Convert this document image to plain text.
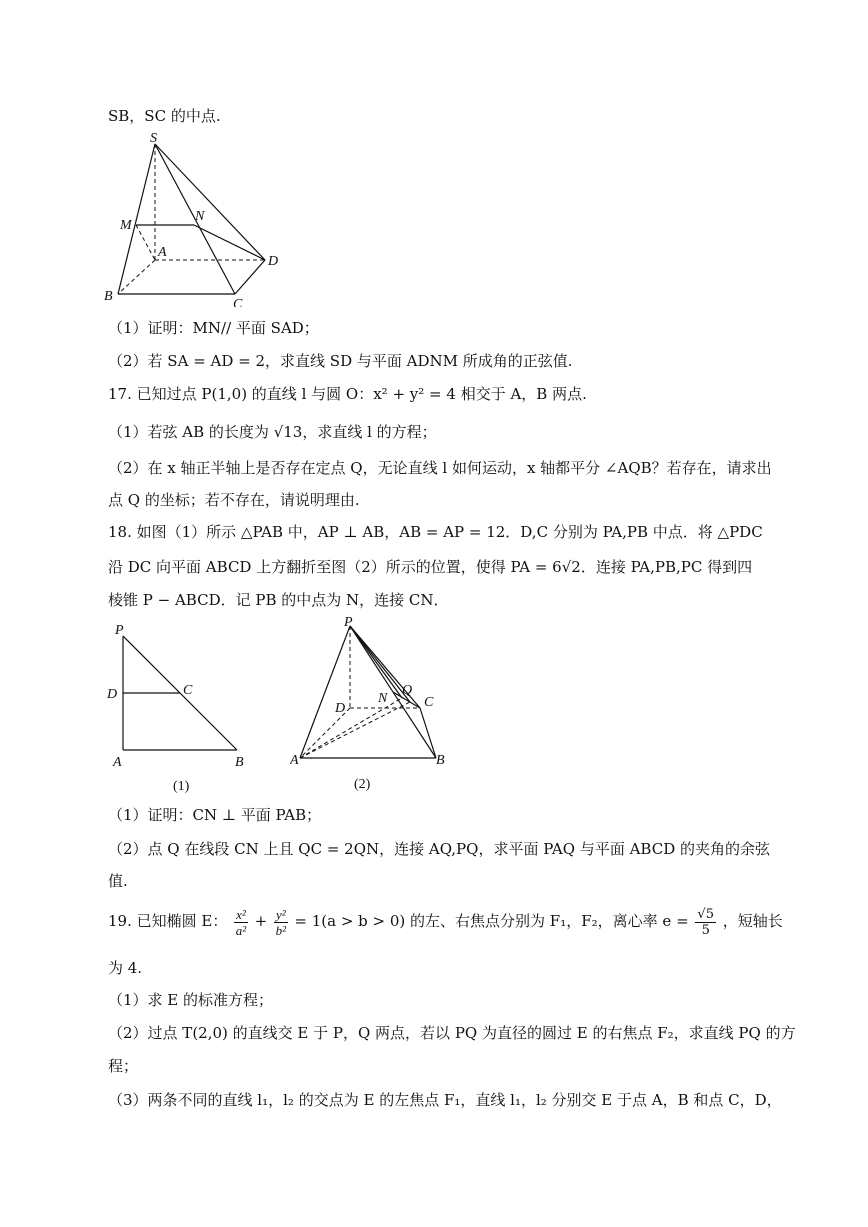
SB，SC 的中点.
S
M
N
A
B
C
D
（1）证明：MN// 平面 SAD；
（2）若 SA = AD = 2，求直线 SD 与平面 ADNM 所成角的正弦值.
17. 已知过点 P(1,0) 的直线 l 与圆 O：x² + y² = 4 相交于 A，B 两点.
（1）若弦 AB 的长度为 √13，求直线 l 的方程；
（2）在 x 轴正半轴上是否存在定点 Q，无论直线 l 如何运动，x 轴都平分 ∠AQB？若存在，请求出
点 Q 的坐标；若不存在，请说明理由.
18. 如图（1）所示 △PAB 中，AP ⊥ AB，AB = AP = 12．D,C 分别为 PA,PB 中点．将 △PDC
沿 DC 向平面 ABCD 上方翻折至图（2）所示的位置，使得 PA = 6√2．连接 PA,PB,PC 得到四
棱锥 P − ABCD．记 PB 的中点为 N，连接 CN．
P
D	C
A	B
(1)
P
Q
N	C
D
A	B
(2)
（1）证明：CN ⊥ 平面 PAB；
（2）点 Q 在线段 CN 上且 QC = 2QN，连接 AQ,PQ，求平面 PAQ 与平面 ABCD 的夹角的余弦
值.
19. 已知椭圆 E： $\frac{\text{x²}}{\text{a²}} + \frac{\text{y²}}{\text{b²}} = 1(a > b > 0)$ 的左、右焦点分别为 F₁，F₂，离心率 $e = \frac{√5}{5}$ ，短轴长
为 4.
（1）求 E 的标准方程；
（2）过点 T(2,0) 的直线交 E 于 P，Q 两点，若以 PQ 为直径的圆过 E 的右焦点 F₂，求直线 PQ 的方
程；
（3）两条不同的直线 l₁，l₂ 的交点为 E 的左焦点 F₁，直线 l₁，l₂ 分别交 E 于点 A，B 和点 C，D，
